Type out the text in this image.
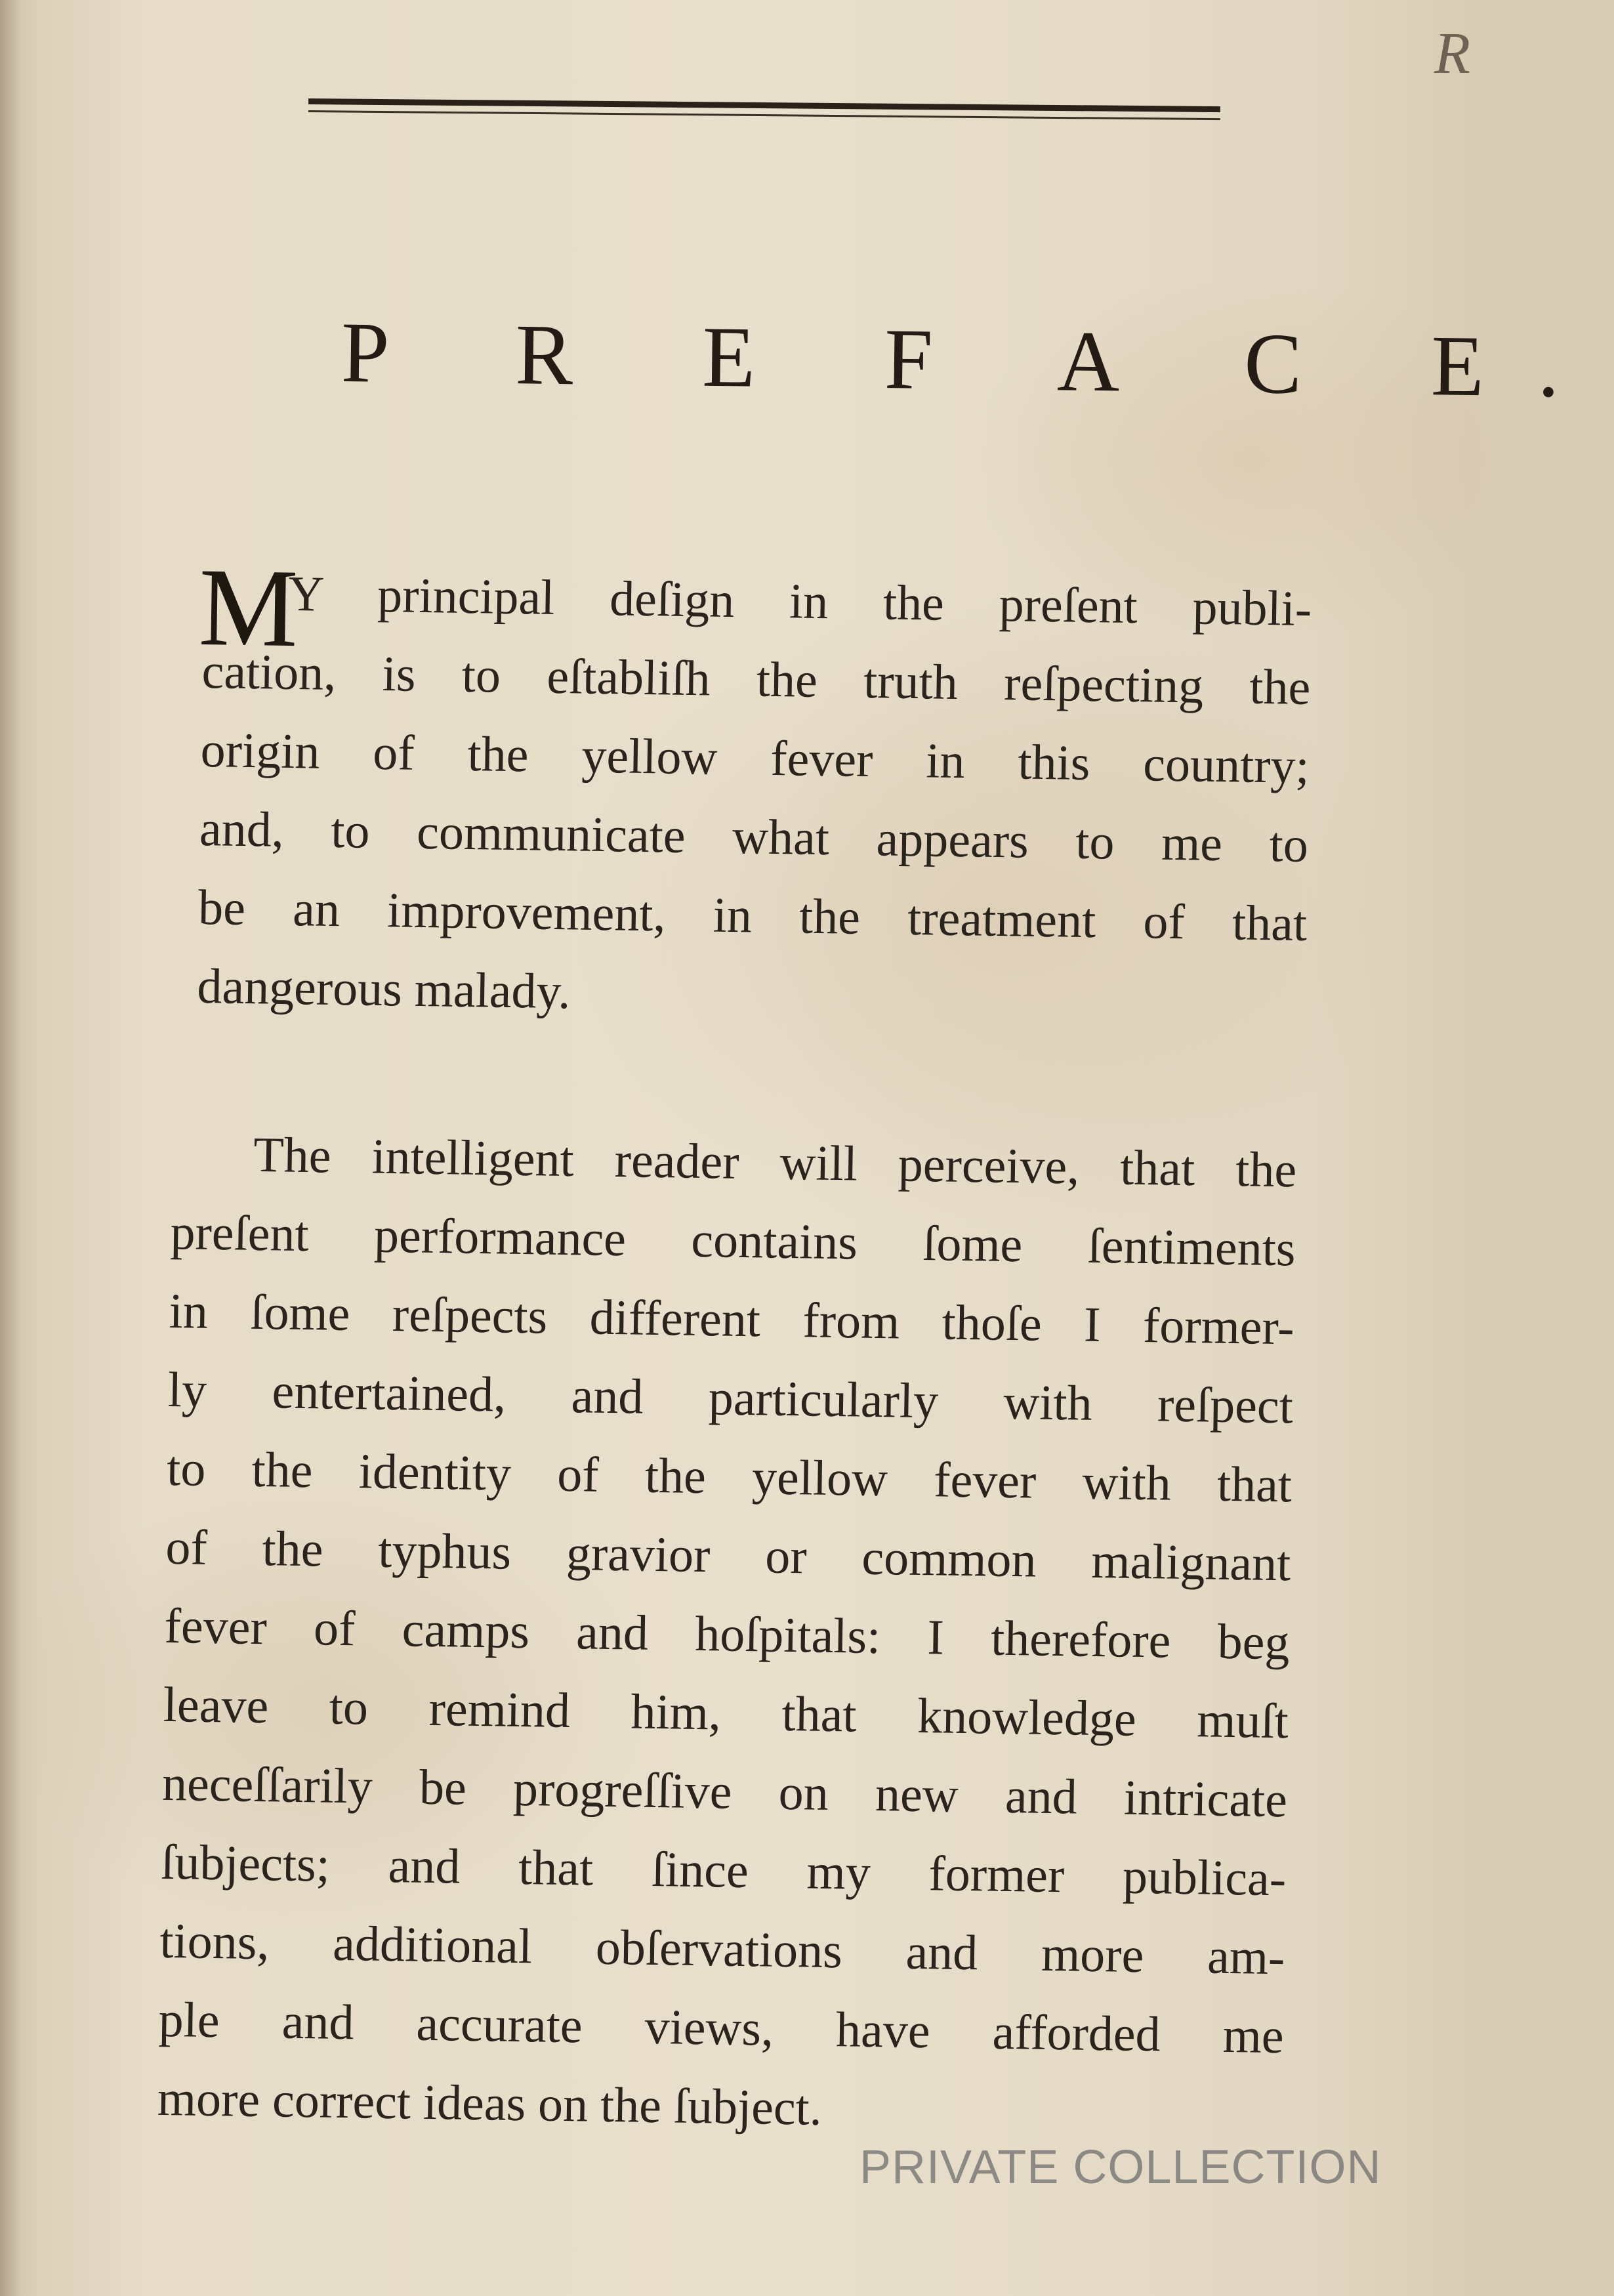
R
P R E F A C E.
M
Y principal deſign in the preſent publi-
cation, is to eſtabliſh the truth reſpecting the
origin of the yellow fever in this country;
and, to communicate what appears to me to
be an improvement, in the treatment of that
dangerous malady.
The intelligent reader will perceive, that the
preſent performance contains ſome ſentiments
in ſome reſpects different from thoſe I former-
ly entertained, and particularly with reſpect
to the identity of the yellow fever with that
of the typhus gravior or common malignant
fever of camps and hoſpitals: I therefore beg
leave to remind him, that knowledge muſt
neceſſarily be progreſſive on new and intricate
ſubjects; and that ſince my former publica-
tions, additional obſervations and more am-
ple and accurate views, have afforded me
more correct ideas on the ſubject.
PRIVATE COLLECTION
